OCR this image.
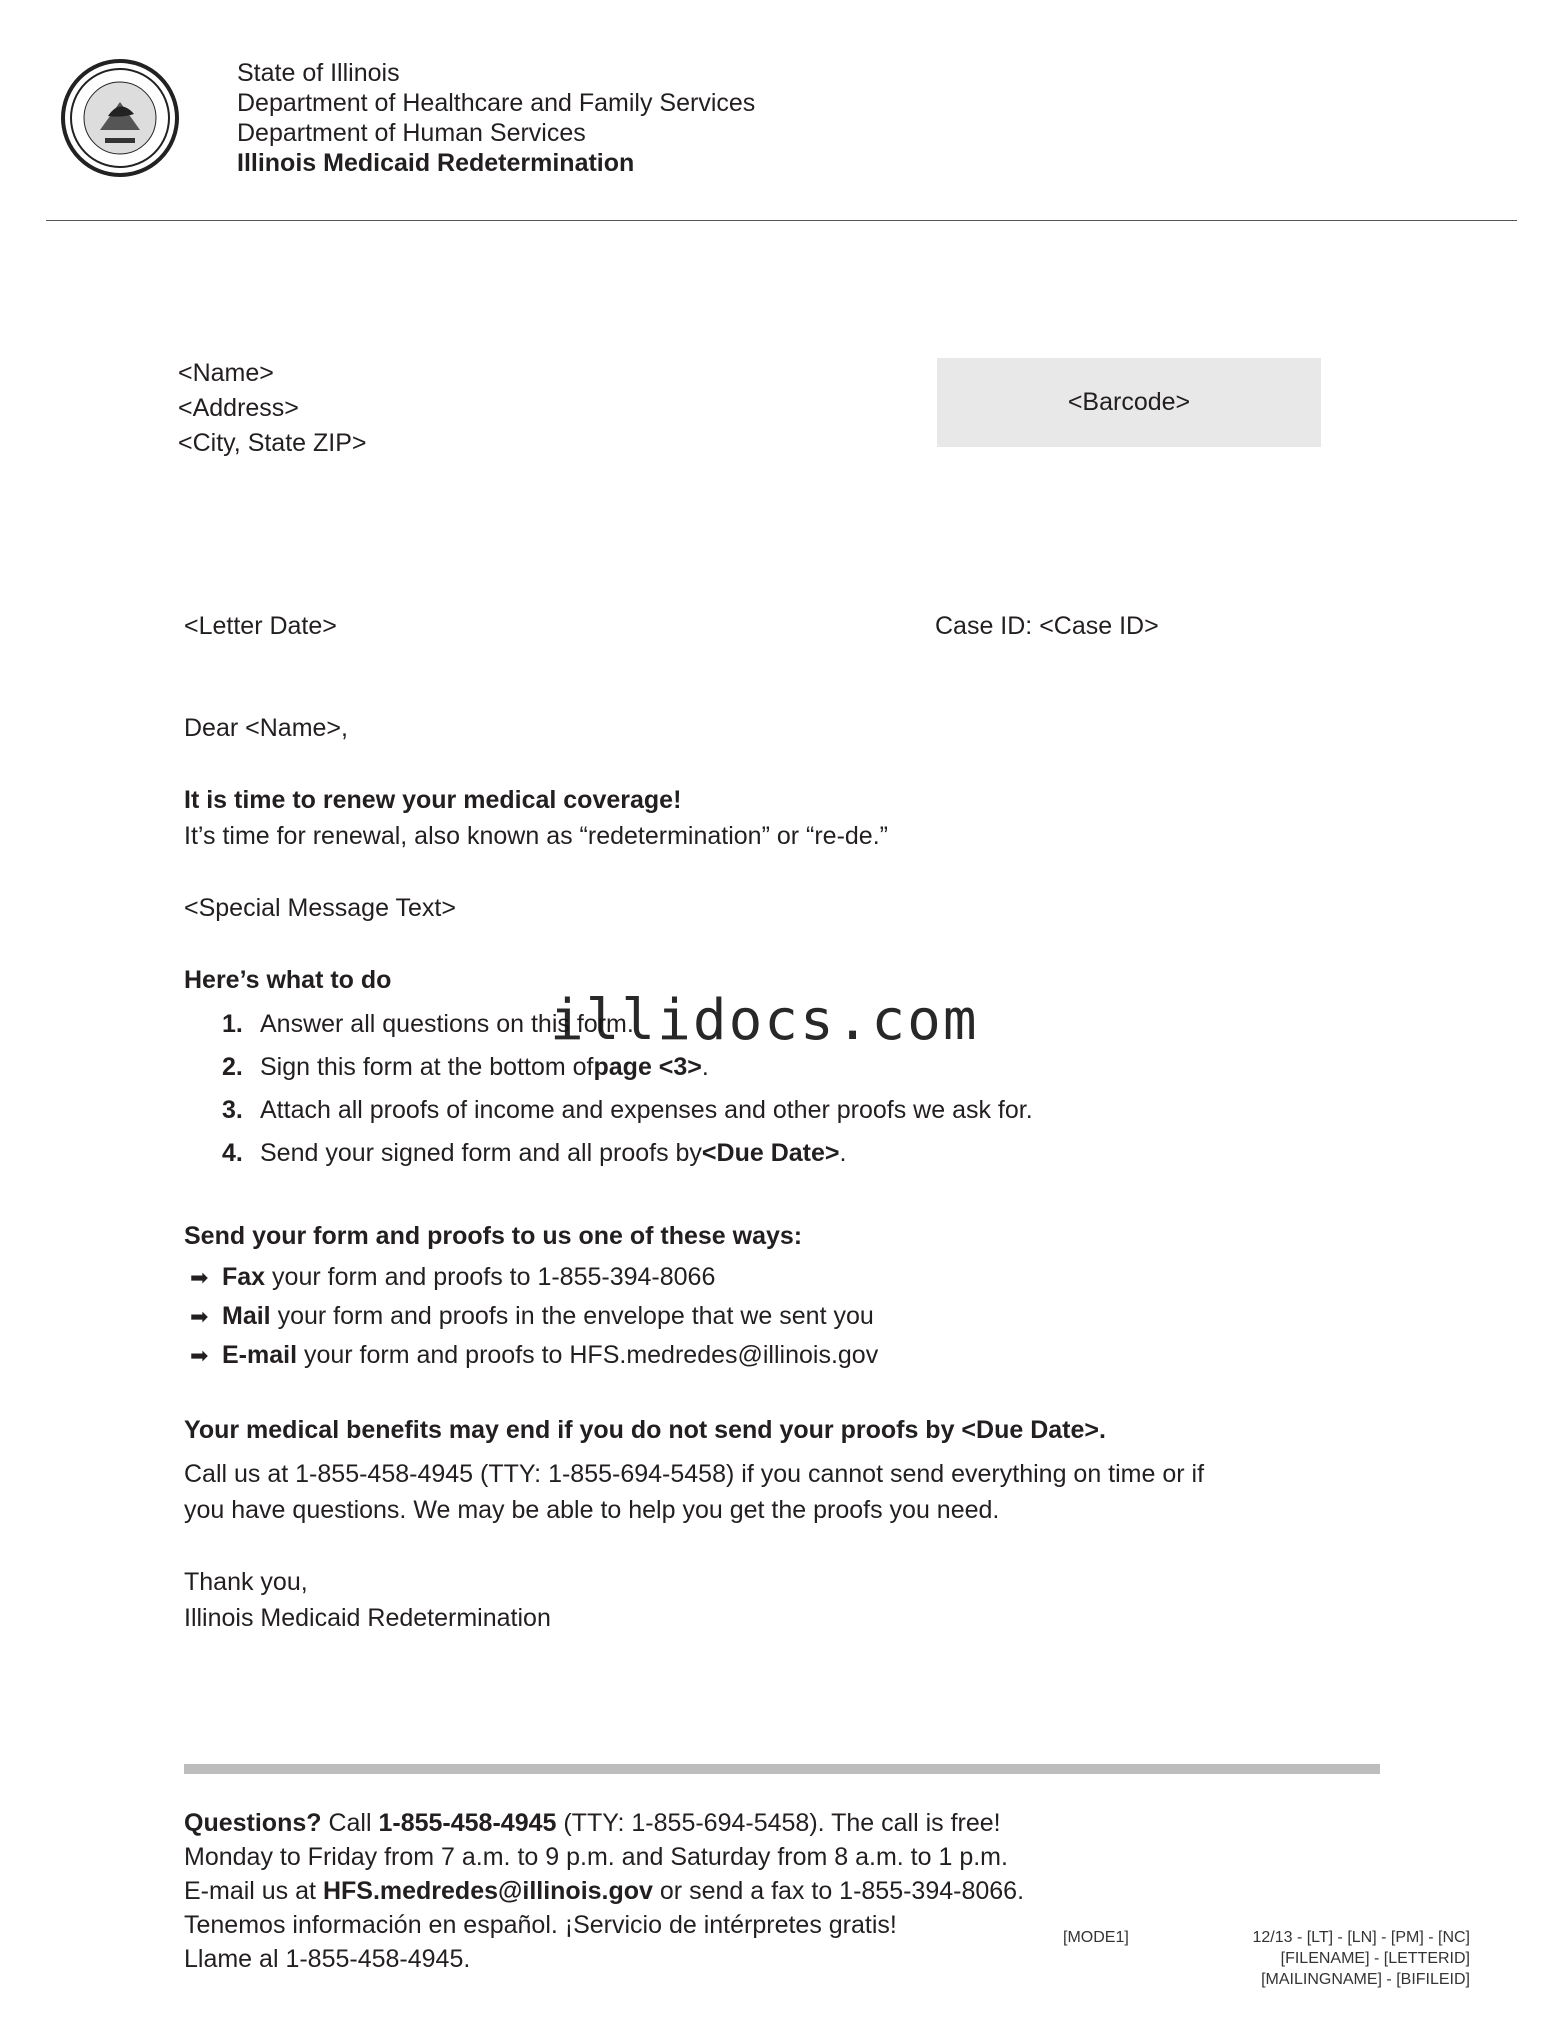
State of Illinois
Department of Healthcare and Family Services
Department of Human Services
Illinois Medicaid Redetermination
<Name>
<Address>
<City, State ZIP>
<Barcode>
<Letter Date>	Case ID: <Case ID>
Dear <Name>,
It is time to renew your medical coverage!
It’s time for renewal, also known as “redetermination” or “re-de.”
<Special Message Text>
Here’s what to do
1. Answer all questions on this form.
2. Sign this form at the bottom of page <3> .
3. Attach all proofs of income and expenses and other proofs we ask for.
4. Send your signed form and all proofs by <Due Date> .
illidocs.com
Send your form and proofs to us one of these ways:
➡ Fax your form and proofs to 1-855-394-8066
➡ Mail your form and proofs in the envelope that we sent you
➡ E-mail your form and proofs to HFS.medredes@illinois.gov
Your medical benefits may end if you do not send your proofs by <Due Date>.
Call us at 1-855-458-4945 (TTY: 1-855-694-5458) if you cannot send everything on time or if
you have questions. We may be able to help you get the proofs you need.
Thank you,
Illinois Medicaid Redetermination
Questions? Call 1-855-458-4945 (TTY: 1-855-694-5458). The call is free!
Monday to Friday from 7 a.m. to 9 p.m. and Saturday from 8 a.m. to 1 p.m.
E-mail us at HFS.medredes@illinois.gov or send a fax to 1-855-394-8066.
Tenemos información en español. ¡Servicio de intérpretes gratis!
Llame al 1-855-458-4945.
[MODE1]	12/13 - [LT] - [LN] - [PM] - [NC]
[FILENAME] - [LETTERID]
[MAILINGNAME] - [BIFILEID]
